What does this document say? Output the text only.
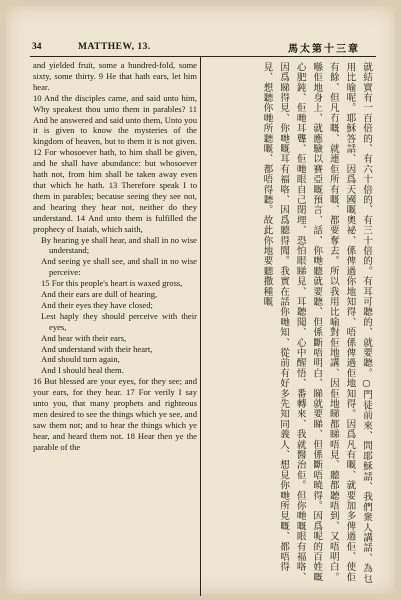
34	MATTHEW, 13.	馬太第十三章

and yielded fruit, some a hundred-fold, some sixty, some thirty. 9 He that hath ears, let him hear.

10 And the disciples came, and said unto him, Why speakest thou unto them in parables? 11 And he answered and said unto them, Unto you it is given to know the mysteries of the kingdom of heaven, but to them it is not given. 12 For whosoever hath, to him shall be given, and he shall have abundance: but whosoever hath not, from him shall be taken away even that which he hath. 13 Therefore speak I to them in parables; because seeing they see not, and hearing they hear not, neither do they understand. 14 And unto them is fulfilled the prophecy of Isaiah, which saith,

By hearing ye shall hear, and shall in no wise understand;
And seeing ye shall see, and shall in no wise perceive:
15 For this people's heart is waxed gross,
And their ears are dull of hearing,
And their eyes they have closed;
Lest haply they should perceive with their eyes,
And hear with their ears,
And understand with their heart,
And should turn again,
And I should heal them.

16 But blessed are your eyes, for they see; and your ears, for they hear. 17 For verily I say unto you, that many prophets and righteous men desired to see the things which ye see, and saw them not; and to hear the things which ye hear, and heard them not. 18 Hear then ye the parable of the	就結實有一百倍的、有六十倍的、有三十倍的。有耳可聽的、就要聽。○門徒前來、問耶穌話、我們衆人講話、為乜用比喻呢。耶穌答話、因爲天國嘅奧祕、係俾過你地知得、唔係俾過佢地知得。因爲凡有嘅、就要加多俾過佢、使佢有餘、但凡冇嘅、就連佢所有嘅、都要奪去。所以我用比喻對佢地講、因佢地睇都睇唔見、聽都聽唔到、又唔明白。喺佢地身上、就應驗以賽亞嘅預言、話、你哋聽就要聽、但係斷唔明白、睇就要睇、但係斷唔曉得。因爲呢的百姓嘅心肥鈍、佢哋耳聾、佢哋眼自己閉埋、恐怕眼睇見、耳聽聞、心中醒悟、番轉來、我就醫治佢。但你哋嘅眼有福咯、因爲睇得見、你哋嘅耳有福咯、因爲聽得聞。我實在話你哋知、從前有好多先知同義人、想見你哋所見嘅、都唔得見、想聽你哋所聽嘅、都唔得聽。故此你地要聽撒種嘅
